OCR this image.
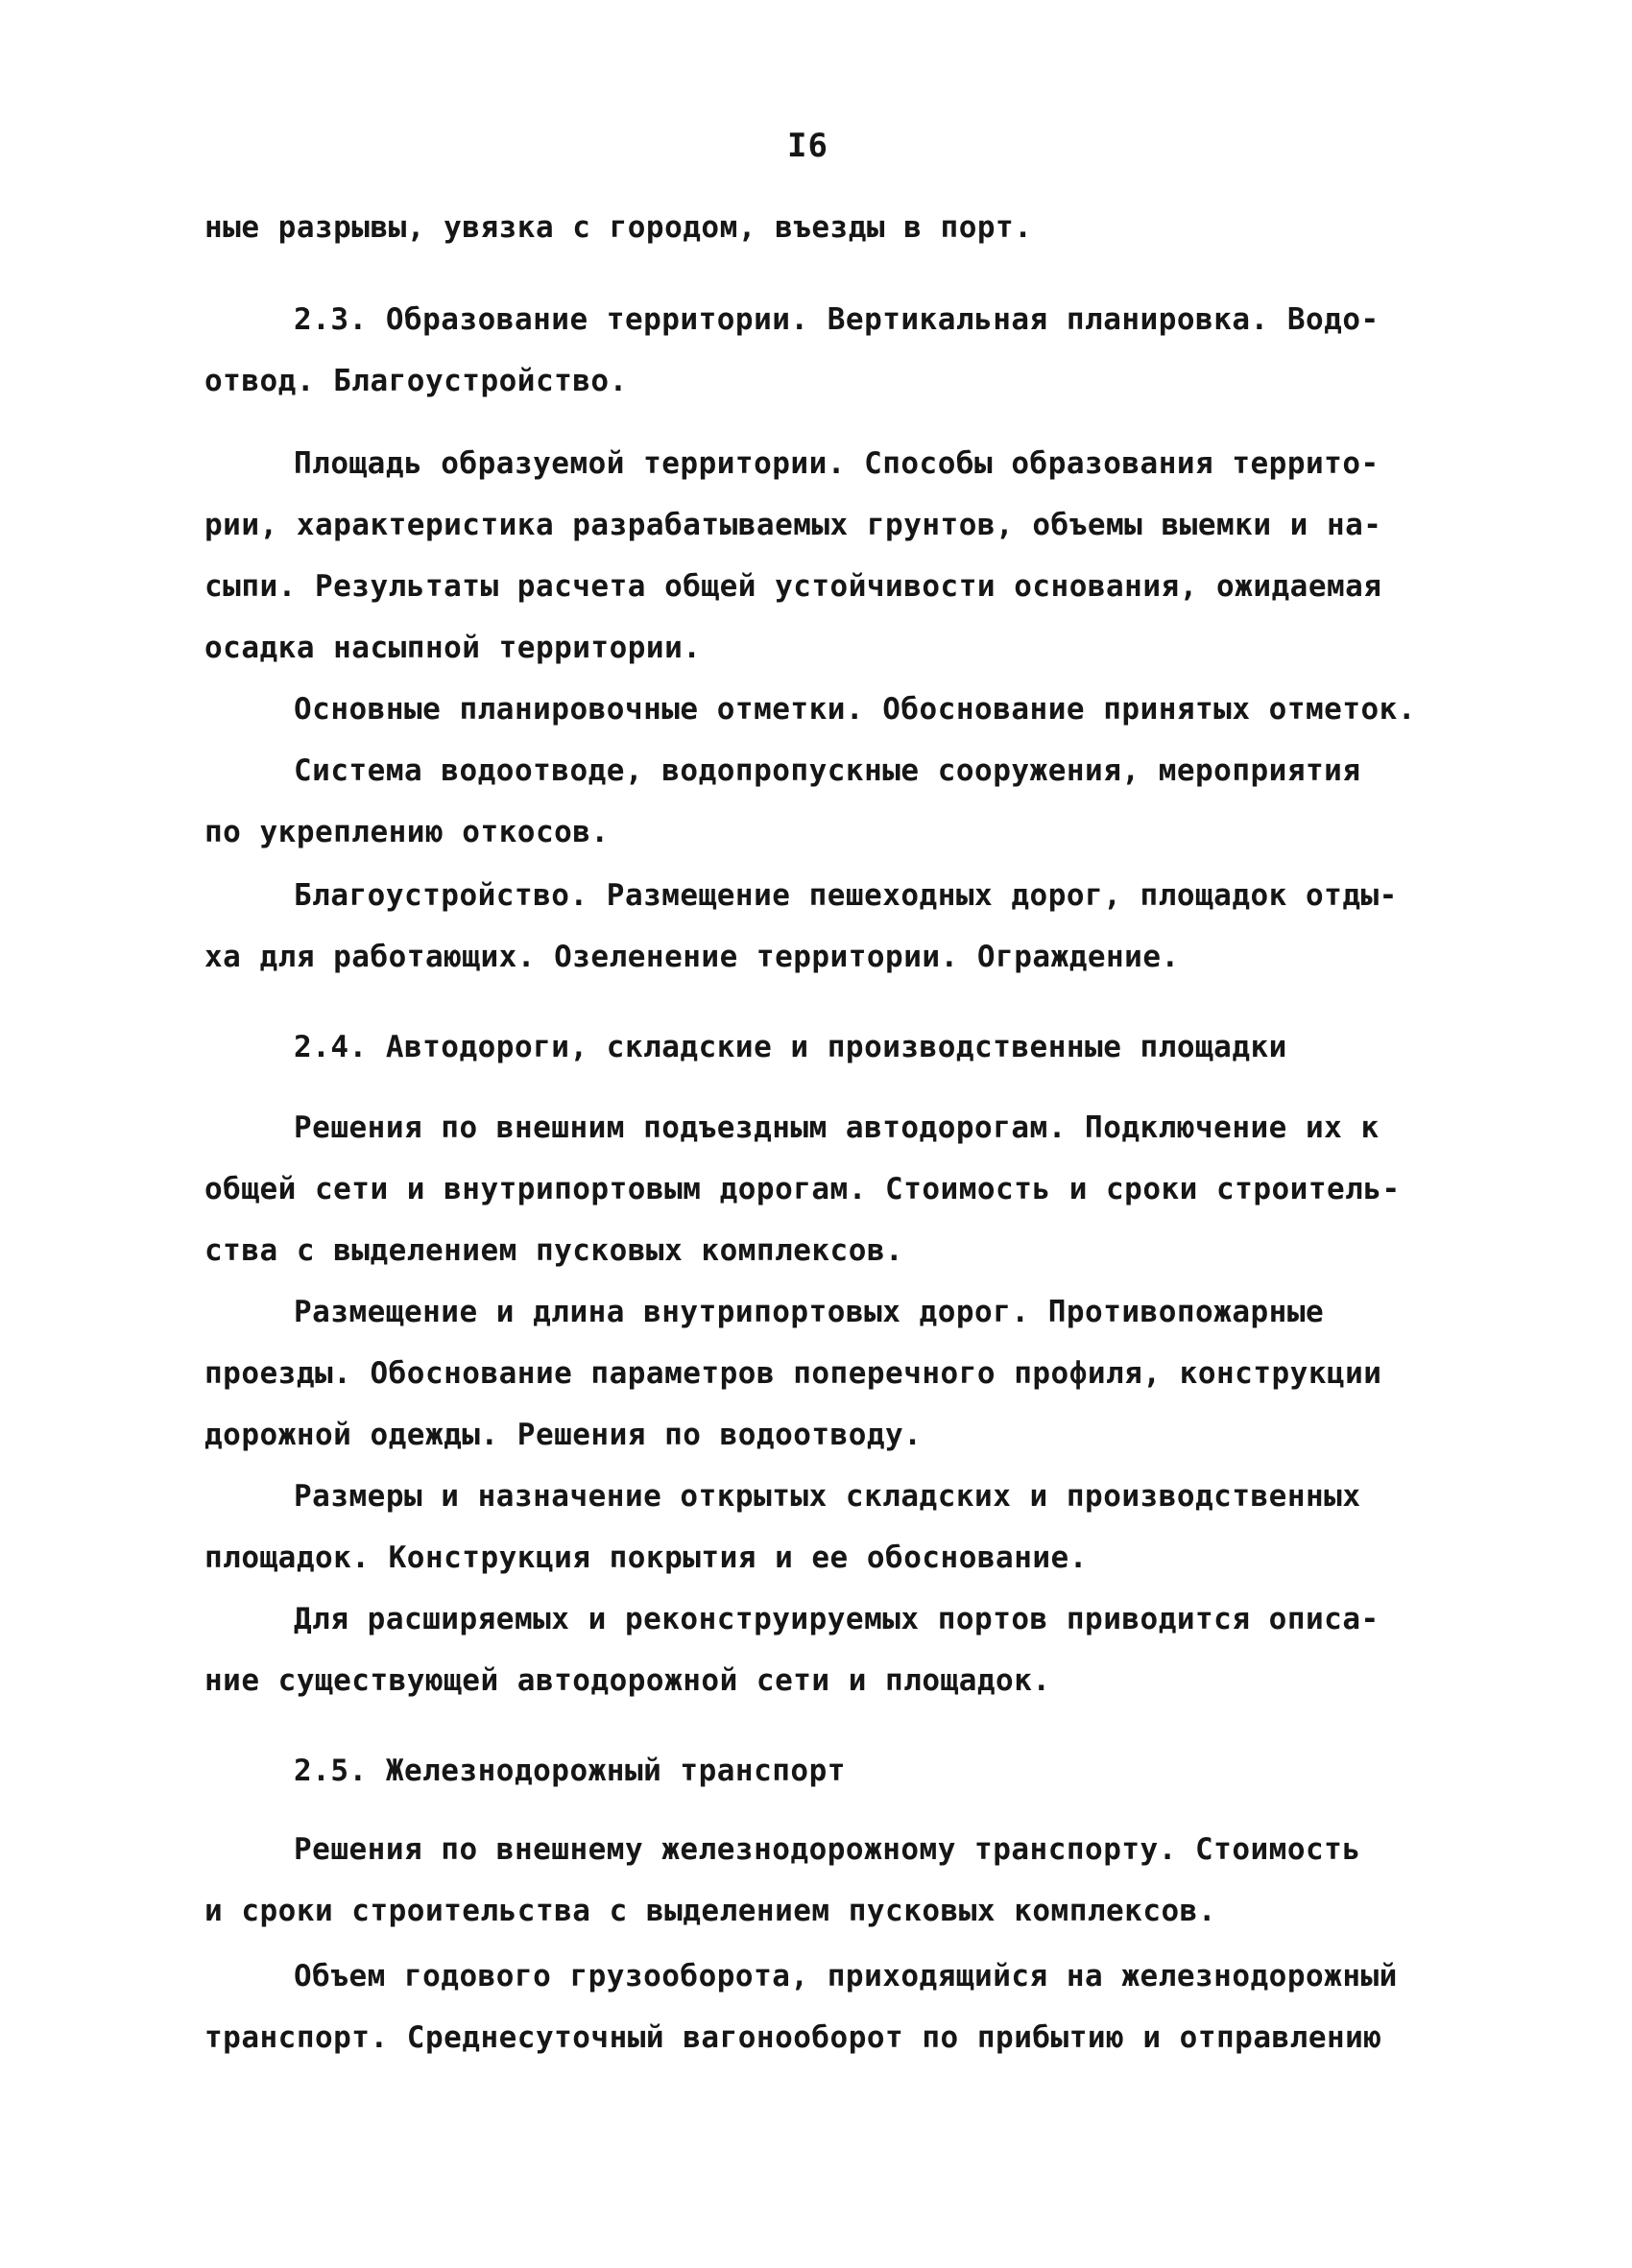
I6
ные разрывы, увязка с городом, въезды в порт.
2.3. Образование территории. Вертикальная планировка. Водо-
отвод. Благоустройство.
Площадь образуемой территории. Способы образования террито-
рии, характеристика разрабатываемых грунтов, объемы выемки и на-
сыпи. Результаты расчета общей устойчивости основания, ожидаемая
осадка насыпной территории.
Основные планировочные отметки. Обоснование принятых отметок.
Система водоотводе, водопропускные сооружения, мероприятия
по укреплению откосов.
Благоустройство. Размещение пешеходных дорог, площадок отды-
ха для работающих. Озеленение территории. Ограждение.
2.4. Автодороги, складские и производственные площадки
Решения по внешним подъездным автодорогам. Подключение их к
общей сети и внутрипортовым дорогам. Стоимость и сроки строитель-
ства с выделением пусковых комплексов.
Размещение и длина внутрипортовых дорог. Противопожарные
проезды. Обоснование параметров поперечного профиля, конструкции
дорожной одежды. Решения по водоотводу.
Размеры и назначение открытых складских и производственных
площадок. Конструкция покрытия и ее обоснование.
Для расширяемых и реконструируемых портов приводится описа-
ние существующей автодорожной сети и площадок.
2.5. Железнодорожный транспорт
Решения по внешнему железнодорожному транспорту. Стоимость
и сроки строительства с выделением пусковых комплексов.
Объем годового грузооборота, приходящийся на железнодорожный
транспорт. Среднесуточный вагонооборот по прибытию и отправлению
